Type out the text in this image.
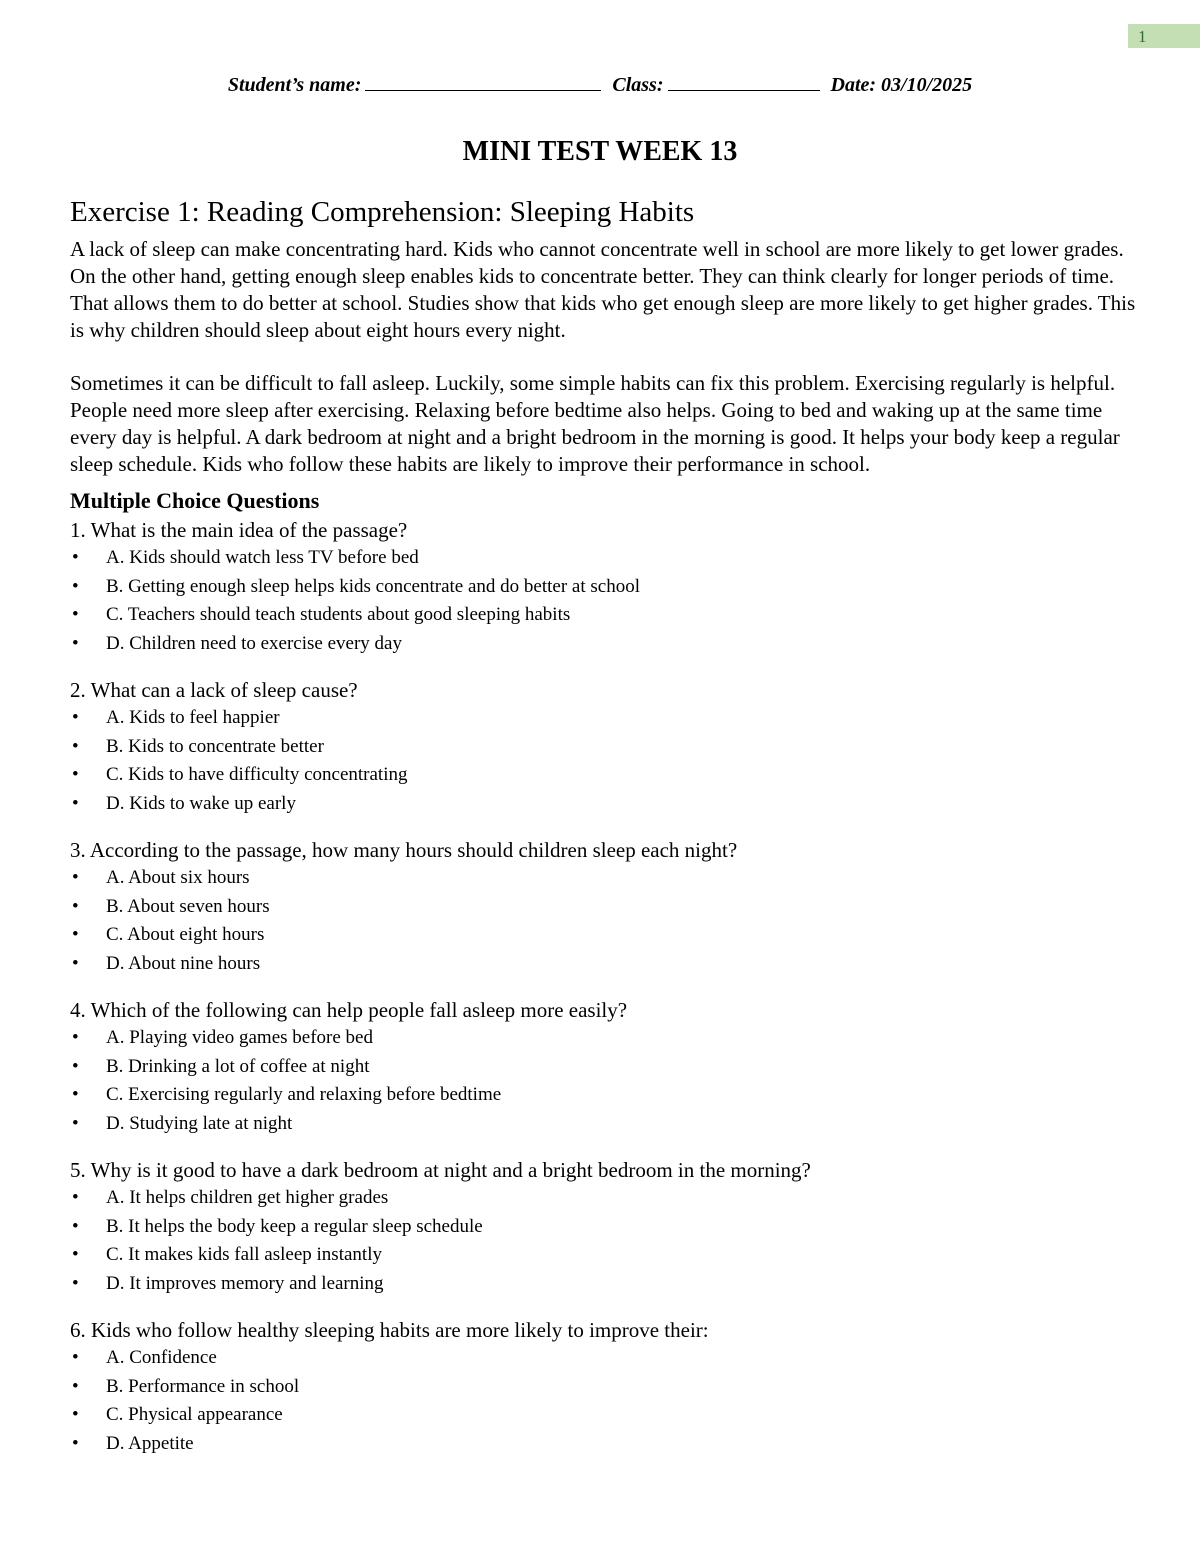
1
Student’s name:	Class:	Date: 03/10/2025
MINI TEST WEEK 13
Exercise 1: Reading Comprehension: Sleeping Habits

A lack of sleep can make concentrating hard. Kids who cannot concentrate well in school are more likely to get lower grades. On the other hand, getting enough sleep enables kids to concentrate better. They can think clearly for longer periods of time. That allows them to do better at school. Studies show that kids who get enough sleep are more likely to get higher grades. This is why children should sleep about eight hours every night.

Sometimes it can be difficult to fall asleep. Luckily, some simple habits can fix this problem. Exercising regularly is helpful. People need more sleep after exercising. Relaxing before bedtime also helps. Going to bed and waking up at the same time every day is helpful. A dark bedroom at night and a bright bedroom in the morning is good. It helps your body keep a regular sleep schedule. Kids who follow these habits are likely to improve their performance in school.

Multiple Choice Questions

1. What is the main idea of the passage?

• A. Kids should watch less TV before bed
• B. Getting enough sleep helps kids concentrate and do better at school
• C. Teachers should teach students about good sleeping habits
• D. Children need to exercise every day

2. What can a lack of sleep cause?

• A. Kids to feel happier
• B. Kids to concentrate better
• C. Kids to have difficulty concentrating
• D. Kids to wake up early

3. According to the passage, how many hours should children sleep each night?

• A. About six hours
• B. About seven hours
• C. About eight hours
• D. About nine hours

4. Which of the following can help people fall asleep more easily?

• A. Playing video games before bed
• B. Drinking a lot of coffee at night
• C. Exercising regularly and relaxing before bedtime
• D. Studying late at night

5. Why is it good to have a dark bedroom at night and a bright bedroom in the morning?

• A. It helps children get higher grades
• B. It helps the body keep a regular sleep schedule
• C. It makes kids fall asleep instantly
• D. It improves memory and learning

6. Kids who follow healthy sleeping habits are more likely to improve their:

• A. Confidence
• B. Performance in school
• C. Physical appearance
• D. Appetite
